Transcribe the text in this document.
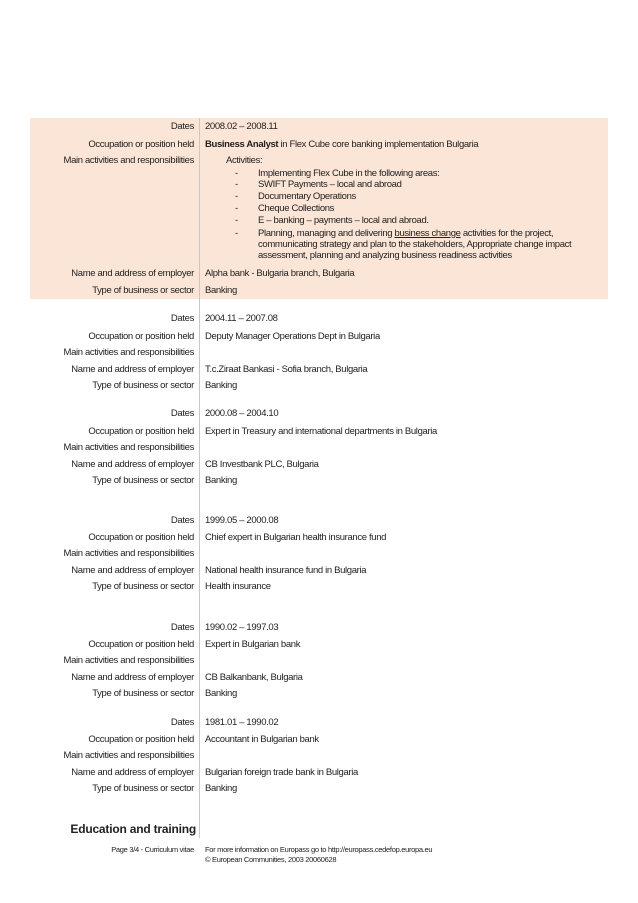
Dates 2008.02 – 2008.11
Occupation or position held Business Analyst in Flex Cube core banking implementation Bulgaria
Main activities and responsibilities	Activities:
- Implementing Flex Cube in the following areas:
- SWIFT Payments – local and abroad
- Documentary Operations
- Cheque Collections
- E – banking – payments – local and abroad.
- Planning, managing and delivering business change activities for the project, communicating strategy and plan to the stakeholders, Appropriate change impact assessment, planning and analyzing business readiness activities
Name and address of employer Alpha bank - Bulgaria branch, Bulgaria
Type of business or sector Banking
Dates 2004.11 – 2007.08
Occupation or position held Deputy Manager Operations Dept in Bulgaria
Main activities and responsibilities
Name and address of employer T.c.Ziraat Bankasi - Sofia branch, Bulgaria
Type of business or sector Banking
Dates 2000.08 – 2004.10
Occupation or position held Expert in Treasury and international departments in Bulgaria
Main activities and responsibilities
Name and address of employer CB Investbank PLC, Bulgaria
Type of business or sector Banking
Dates 1999.05 – 2000.08
Occupation or position held Chief expert in Bulgarian health insurance fund
Main activities and responsibilities
Name and address of employer National health insurance fund in Bulgaria
Type of business or sector Health insurance
Dates 1990.02 – 1997.03
Occupation or position held Expert in Bulgarian bank
Main activities and responsibilities
Name and address of employer CB Balkanbank, Bulgaria
Type of business or sector Banking
Dates 1981.01 – 1990.02
Occupation or position held Accountant in Bulgarian bank
Main activities and responsibilities
Name and address of employer Bulgarian foreign trade bank in Bulgaria
Type of business or sector Banking
Education and training
Page 3/4 - Curriculum vitae For more information on Europass go to http://europass.cedefop.europa.eu
© European Communities, 2003 20060628
